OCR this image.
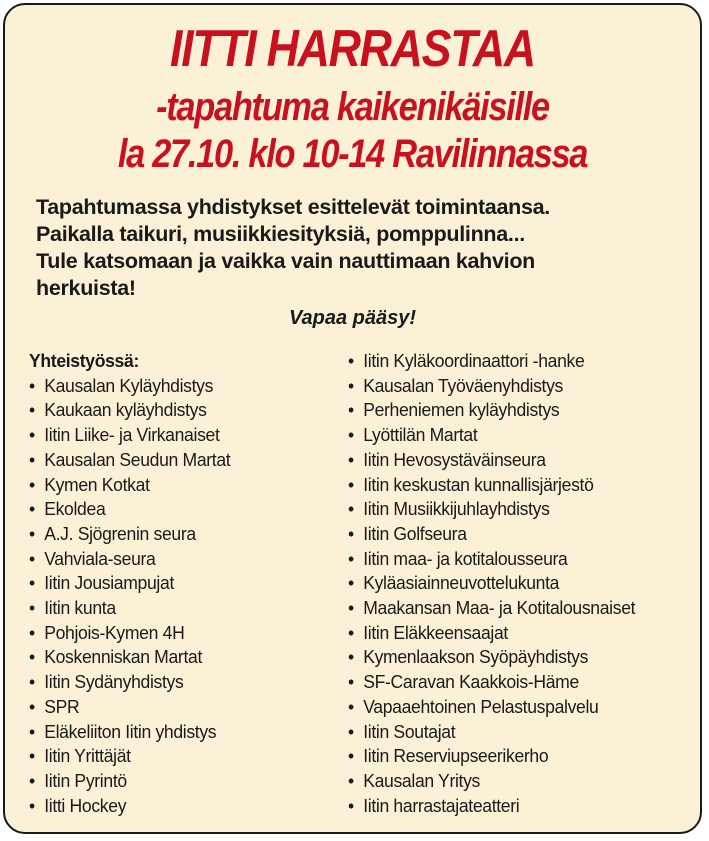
IITTI HARRASTAA
-tapahtuma kaikenikäisille
la 27.10. klo 10-14 Ravilinnassa

Tapahtumassa yhdistykset esittelevät toimintaansa.
Paikalla taikuri, musiikkiesityksiä, pomppulinna...
Tule katsomaan ja vaikka vain nauttimaan kahvion
herkuista!

Vapaa pääsy!

Yhteistyössä:
• Kausalan Kyläyhdistys
• Kaukaan kyläyhdistys
• Iitin Liike- ja Virkanaiset
• Kausalan Seudun Martat
• Kymen Kotkat
• Ekoldea
• A.J. Sjögrenin seura
• Vahviala-seura
• Iitin Jousiampujat
• Iitin kunta
• Pohjois-Kymen 4H
• Koskenniskan Martat
• Iitin Sydänyhdistys
• SPR
• Eläkeliiton Iitin yhdistys
• Iitin Yrittäjät
• Iitin Pyrintö
• Iitti Hockey
• Iitin Kyläkoordinaattori -hanke
• Kausalan Työväenyhdistys
• Perheniemen kyläyhdistys
• Lyöttilän Martat
• Iitin Hevosystäväinseura
• Iitin keskustan kunnallisjärjestö
• Iitin Musiikkijuhlayhdistys
• Iitin Golfseura
• Iitin maa- ja kotitalousseura
• Kyläasiainneuvottelukunta
• Maakansan Maa- ja Kotitalousnaiset
• Iitin Eläkkeensaajat
• Kymenlaakson Syöpäyhdistys
• SF-Caravan Kaakkois-Häme
• Vapaaehtoinen Pelastuspalvelu
• Iitin Soutajat
• Iitin Reserviupseerikerho
• Kausalan Yritys
• Iitin harrastajateatteri
